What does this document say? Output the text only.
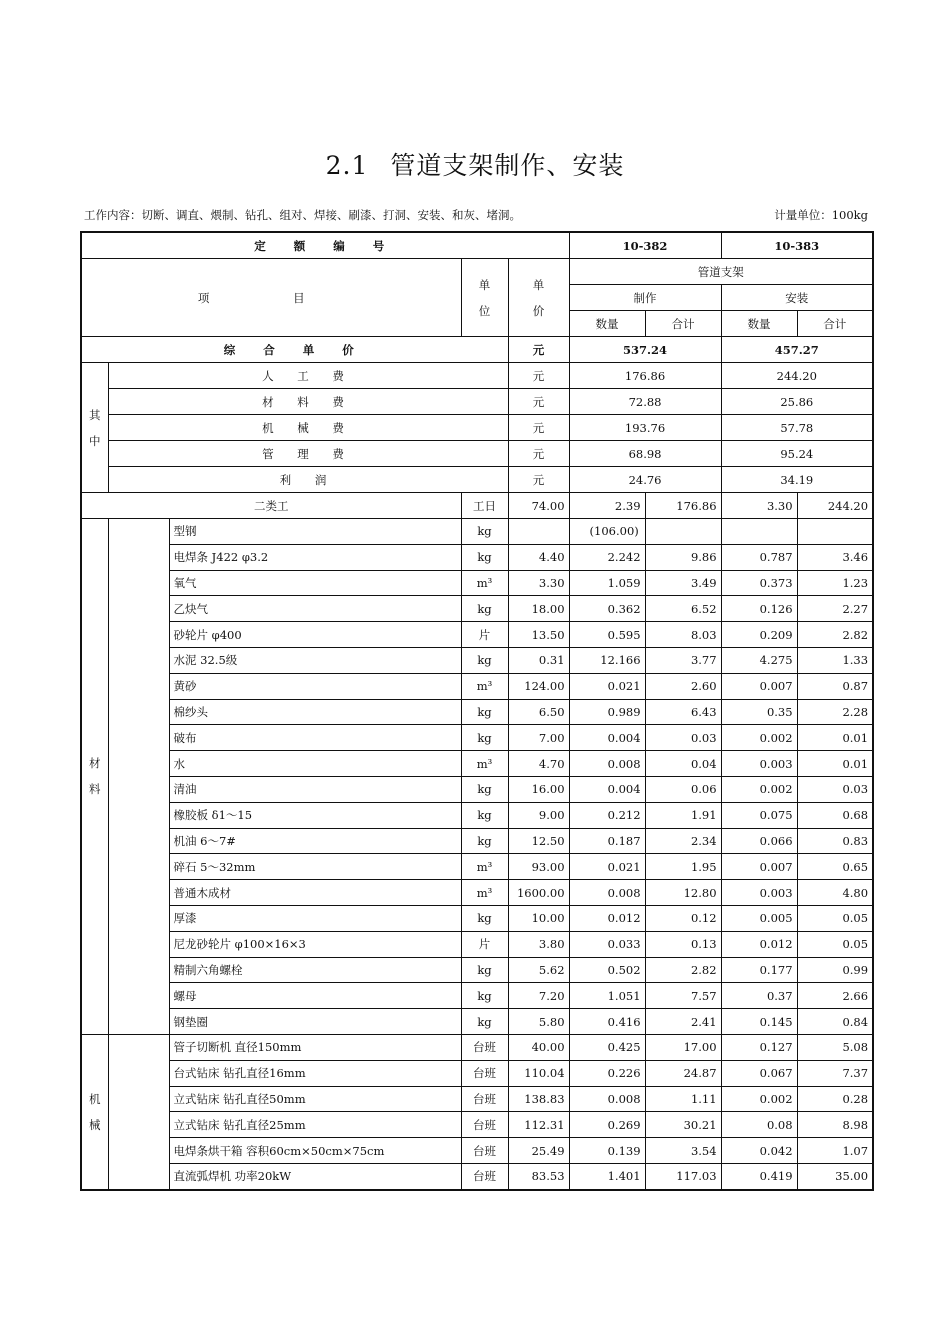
2.1 管道支架制作、安装
工作内容：切断、调直、煨制、钻孔、组对、焊接、刷漆、打洞、安装、和灰、堵洞。	计量单位：100kg
定 额 编 号					10-382		10-383	
项 目			单位	单价	管道支架			
					制作		安装	
					数量	合计	数量	合计
综 合 单 价				元	537.24		457.27	
其中	人 工 费			元	176.86		244.20	
	材 料 费			元	72.88		25.86	
	机 械 费			元	193.76		57.78	
	管 理 费			元	68.98		95.24	
	利 润			元	24.76		34.19	
二类工			工日	74.00	2.39	176.86	3.30	244.20
材料		型钢	kg		(106.00)			
		电焊条 J422 φ3.2	kg	4.40	2.242	9.86	0.787	3.46
		氧气	m³	3.30	1.059	3.49	0.373	1.23
		乙炔气	kg	18.00	0.362	6.52	0.126	2.27
		砂轮片 φ400	片	13.50	0.595	8.03	0.209	2.82
		水泥 32.5级	kg	0.31	12.166	3.77	4.275	1.33
		黄砂	m³	124.00	0.021	2.60	0.007	0.87
		棉纱头	kg	6.50	0.989	6.43	0.35	2.28
		破布	kg	7.00	0.004	0.03	0.002	0.01
		水	m³	4.70	0.008	0.04	0.003	0.01
		清油	kg	16.00	0.004	0.06	0.002	0.03
		橡胶板 δ1～15	kg	9.00	0.212	1.91	0.075	0.68
		机油 6～7#	kg	12.50	0.187	2.34	0.066	0.83
		碎石 5～32mm	m³	93.00	0.021	1.95	0.007	0.65
		普通木成材	m³	1600.00	0.008	12.80	0.003	4.80
		厚漆	kg	10.00	0.012	0.12	0.005	0.05
		尼龙砂轮片 φ100×16×3	片	3.80	0.033	0.13	0.012	0.05
		精制六角螺栓	kg	5.62	0.502	2.82	0.177	0.99
		螺母	kg	7.20	1.051	7.57	0.37	2.66
		钢垫圈	kg	5.80	0.416	2.41	0.145	0.84
机械		管子切断机 直径150mm	台班	40.00	0.425	17.00	0.127	5.08
		台式钻床 钻孔直径16mm	台班	110.04	0.226	24.87	0.067	7.37
		立式钻床 钻孔直径50mm	台班	138.83	0.008	1.11	0.002	0.28
		立式钻床 钻孔直径25mm	台班	112.31	0.269	30.21	0.08	8.98
		电焊条烘干箱 容积60cm×50cm×75cm	台班	25.49	0.139	3.54	0.042	1.07
		直流弧焊机 功率20kW	台班	83.53	1.401	117.03	0.419	35.00
